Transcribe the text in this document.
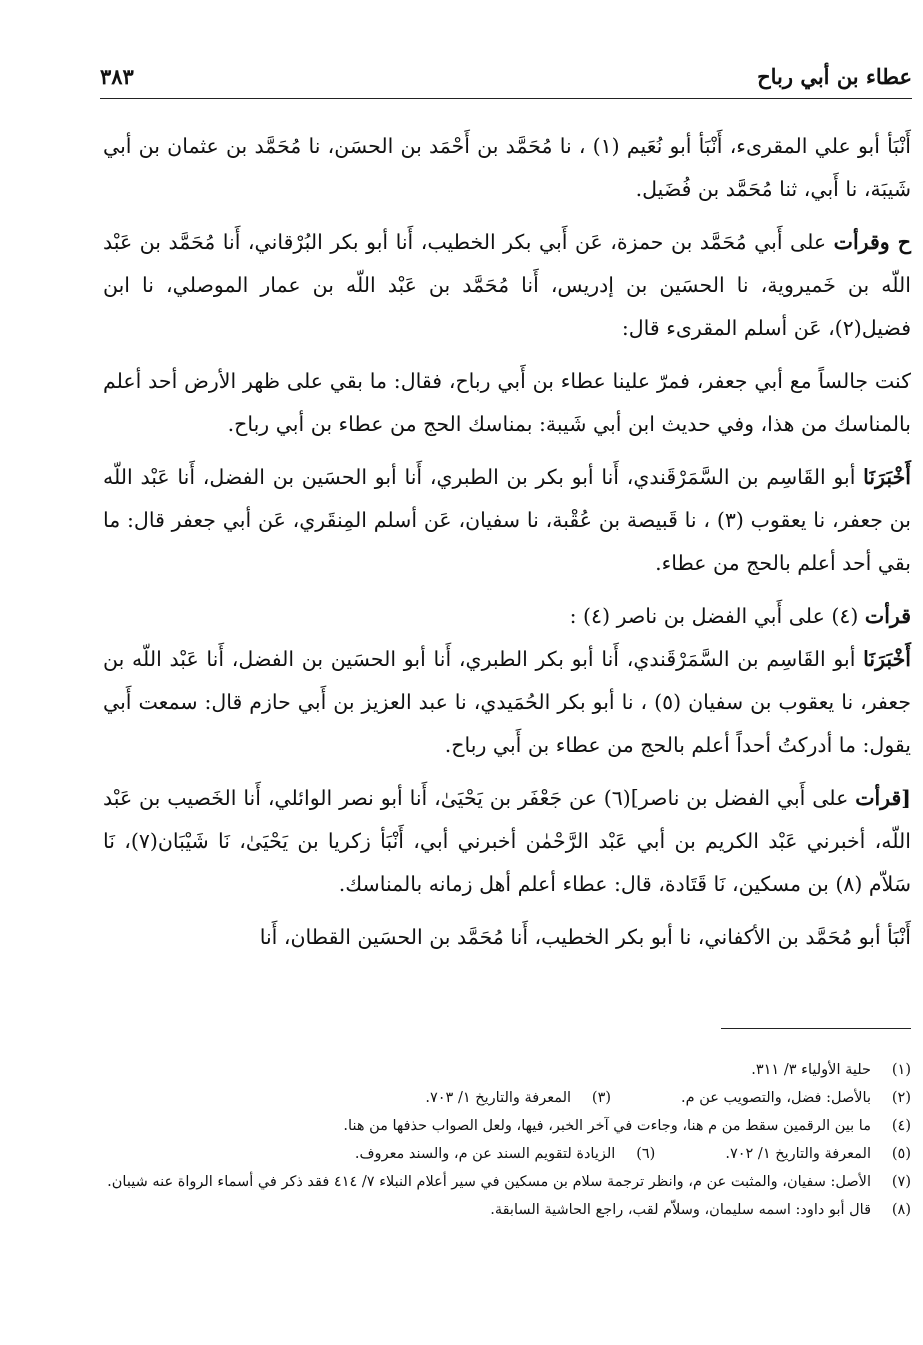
عطاء بن أبي رباح
٣٨٣

أَنْبَأ أبو علي المقرىء، أَنْبَأ أبو نُعَيم (١) ، نا مُحَمَّد بن أَحْمَد بن الحسَن، نا مُحَمَّد بن عثمان بن أبي شَيبَة، نا أَبي، ثنا مُحَمَّد بن فُضَيل.

ح وقرأت على أَبي مُحَمَّد بن حمزة، عَن أَبي بكر الخطيب، أَنا أبو بكر البُرْقاني، أَنا مُحَمَّد بن عَبْد اللّه بن خَميروية، نا الحسَين بن إدريس، أَنا مُحَمَّد بن عَبْد اللّه بن عمار الموصلي، نا ابن فضيل(٢)، عَن أسلم المقرىء قال:

كنت جالساً مع أبي جعفر، فمرّ علينا عطاء بن أَبي رباح، فقال: ما بقي على ظهر الأرض أحد أعلم بالمناسك من هذا، وفي حديث ابن أبي شَيبة: بمناسك الحج من عطاء بن أبي رباح.

أَخْبَرَنَا أبو القَاسِم بن السَّمَرْقَندي، أَنا أبو بكر بن الطبري، أَنا أبو الحسَين بن الفضل، أَنا عَبْد اللّه بن جعفر، نا يعقوب (٣) ، نا قَبيصة بن عُقْبة، نا سفيان، عَن أسلم المِنقَري، عَن أبي جعفر قال: ما بقي أحد أعلم بالحج من عطاء.

قرأت (٤) على أَبي الفضل بن ناصر (٤) :

أَخْبَرَنَا أبو القَاسِم بن السَّمَرْقَندي، أَنا أبو بكر الطبري، أَنا أبو الحسَين بن الفضل، أَنا عَبْد اللّه بن جعفر، نا يعقوب بن سفيان (٥) ، نا أبو بكر الحُمَيدي، نا عبد العزيز بن أَبي حازم قال: سمعت أَبي يقول: ما أدركتُ أحداً أعلم بالحج من عطاء بن أَبي رباح.

[قرأت على أَبي الفضل بن ناصر](٦) عن جَعْفَر بن يَحْيَىٰ، أَنا أبو نصر الوائلي، أَنا الخَصيب بن عَبْد اللّه، أخبرني عَبْد الكريم بن أبي عَبْد الرَّحْمٰن أخبرني أبي، أَنْبَأ زكريا بن يَحْيَىٰ، نَا شَيْبَان(٧)، نَا سَلاّم (٨) بن مسكين، نَا قَتَادة، قال: عطاء أعلم أهل زمانه بالمناسك.

أَنْبَأ أبو مُحَمَّد بن الأكفاني، نا أبو بكر الخطيب، أَنا مُحَمَّد بن الحسَين القطان، أَنا

(١)
حلية الأولياء ٣/ ٣١١.
(٢)
بالأصل: فضل، والتصويب عن م.
(٣)
المعرفة والتاريخ ١/ ٧٠٣.
(٤)
ما بين الرقمين سقط من م هنا، وجاءت في آخر الخبر، فيها، ولعل الصواب حذفها من هنا.
(٥)
المعرفة والتاريخ ١/ ٧٠٢.
(٦)
الزيادة لتقويم السند عن م، والسند معروف.
(٧)
الأصل: سفيان، والمثبت عن م، وانظر ترجمة سلام بن مسكين في سير أعلام النبلاء ٧/ ٤١٤ فقد ذكر في أسماء الرواة عنه شيبان.
(٨)
قال أبو داود: اسمه سليمان، وسلاّم لقب، راجع الحاشية السابقة.
